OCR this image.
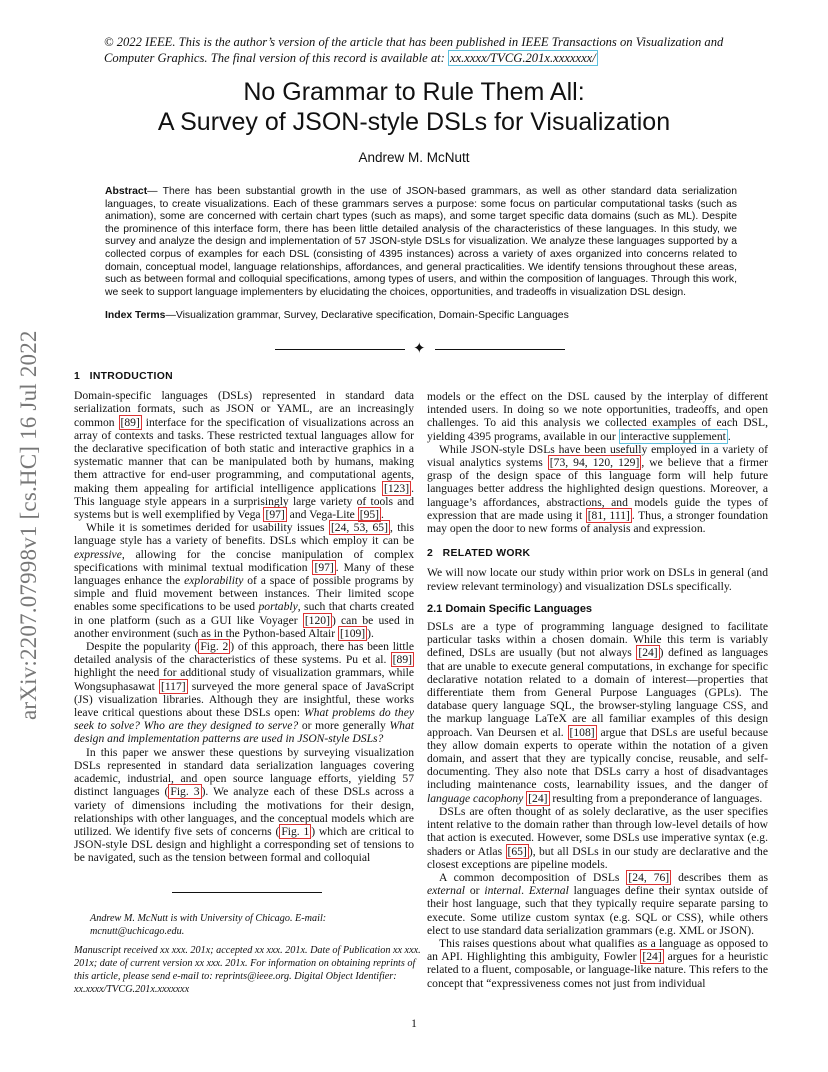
© 2022 IEEE. This is the author’s version of the article that has been published in IEEE Transactions on Visualization and Computer Graphics. The final version of this record is available at: xx.xxxx/TVCG.201x.xxxxxxx/
No Grammar to Rule Them All:
A Survey of JSON-style DSLs for Visualization
Andrew M. McNutt
Abstract— There has been substantial growth in the use of JSON-based grammars, as well as other standard data serialization languages, to create visualizations. Each of these grammars serves a purpose: some focus on particular computational tasks (such as animation), some are concerned with certain chart types (such as maps), and some target specific data domains (such as ML). Despite the prominence of this interface form, there has been little detailed analysis of the characteristics of these languages. In this study, we survey and analyze the design and implementation of 57 JSON-style DSLs for visualization. We analyze these languages supported by a collected corpus of examples for each DSL (consisting of 4395 instances) across a variety of axes organized into concerns related to domain, conceptual model, language relationships, affordances, and general practicalities. We identify tensions throughout these areas, such as between formal and colloquial specifications, among types of users, and within the composition of languages. Through this work, we seek to support language implementers by elucidating the choices, opportunities, and tradeoffs in visualization DSL design.
Index Terms—Visualization grammar, Survey, Declarative specification, Domain-Specific Languages
✦
arXiv:2207.07998v1 [cs.HC] 16 Jul 2022	1 INTRODUCTION

Domain-specific languages (DSLs) represented in standard data serialization formats, such as JSON or YAML, are an increasingly common [89] interface for the specification of visualizations across an array of contexts and tasks. These restricted textual languages allow for the declarative specification of both static and interactive graphics in a systematic manner that can be manipulated both by humans, making them attractive for end-user programming, and computational agents, making them appealing for artificial intelligence applications [123] . This language style appears in a surprisingly large variety of tools and systems but is well exemplified by Vega [97] and Vega-Lite [95] .

While it is sometimes derided for usability issues [24, 53, 65] , this language style has a variety of benefits. DSLs which employ it can be expressive, allowing for the concise manipulation of complex specifications with minimal textual modification [97] . Many of these languages enhance the explorability of a space of possible programs by simple and fluid movement between instances. Their limited scope enables some specifications to be used portably, such that charts created in one platform (such as a GUI like Voyager [120] ) can be used in another environment (such as in the Python-based Altair [109] ).

Despite the popularity ( Fig. 2 ) of this approach, there has been little detailed analysis of the characteristics of these systems. Pu et al. [89] highlight the need for additional study of visualization grammars, while Wongsuphasawat [117] surveyed the more general space of JavaScript (JS) visualization libraries. Although they are insightful, these works leave critical questions about these DSLs open: What problems do they seek to solve? Who are they designed to serve? or more generally What design and implementation patterns are used in JSON-style DSLs?

In this paper we answer these questions by surveying visualization DSLs represented in standard data serialization languages covering academic, industrial, and open source language efforts, yielding 57 distinct languages ( Fig. 3 ). We analyze each of these DSLs across a variety of dimensions including the motivations for their design, relationships with other languages, and the conceptual models which are utilized. We identify five sets of concerns ( Fig. 1 ) which are critical to JSON-style DSL design and highlight a corresponding set of tensions to be navigated, such as the tension between formal and colloquial

Andrew M. McNutt is with University of Chicago. E-mail:
mcnutt@uchicago.edu.
Manuscript received xx xxx. 201x; accepted xx xxx. 201x. Date of Publication xx xxx. 201x; date of current version xx xxx. 201x. For information on obtaining reprints of this article, please send e-mail to: reprints@ieee.org. Digital Object Identifier: xx.xxxx/TVCG.201x.xxxxxxx

models or the effect on the DSL caused by the interplay of different intended users. In doing so we note opportunities, tradeoffs, and open challenges. To aid this analysis we collected examples of each DSL, yielding 4395 programs, available in our interactive supplement .

While JSON-style DSLs have been usefully employed in a variety of visual analytics systems [73, 94, 120, 129] , we believe that a firmer grasp of the design space of this language form will help future languages better address the highlighted design questions. Moreover, a language’s affordances, abstractions, and models guide the types of expression that are made using it [81, 111] . Thus, a stronger foundation may open the door to new forms of analysis and expression.

2 RELATED WORK

We will now locate our study within prior work on DSLs in general (and review relevant terminology) and visualization DSLs specifically.

2.1 Domain Specific Languages

DSLs are a type of programming language designed to facilitate particular tasks within a chosen domain. While this term is variably defined, DSLs are usually (but not always [24] ) defined as languages that are unable to execute general computations, in exchange for specific declarative notation related to a domain of interest—properties that differentiate them from General Purpose Languages (GPLs). The database query language SQL, the browser-styling language CSS, and the markup language LaTeX are all familiar examples of this design approach. Van Deursen et al. [108] argue that DSLs are useful because they allow domain experts to operate within the notation of a given domain, and assert that they are typically concise, reusable, and self-documenting. They also note that DSLs carry a host of disadvantages including maintenance costs, learnability issues, and the danger of language cacophony [24] resulting from a preponderance of languages.

DSLs are often thought of as solely declarative, as the user specifies intent relative to the domain rather than through low-level details of how that action is executed. However, some DSLs use imperative syntax (e.g. shaders or Atlas [65] ), but all DSLs in our study are declarative and the closest exceptions are pipeline models.

A common decomposition of DSLs [24, 76] describes them as external or internal. External languages define their syntax outside of their host language, such that they typically require separate parsing to execute. Some utilize custom syntax (e.g. SQL or CSS), while others elect to use standard data serialization grammars (e.g. XML or JSON).

This raises questions about what qualifies as a language as opposed to an API. Highlighting this ambiguity, Fowler [24] argues for a heuristic related to a fluent, composable, or language-like nature. This refers to the concept that “expressiveness comes not just from individual

1
